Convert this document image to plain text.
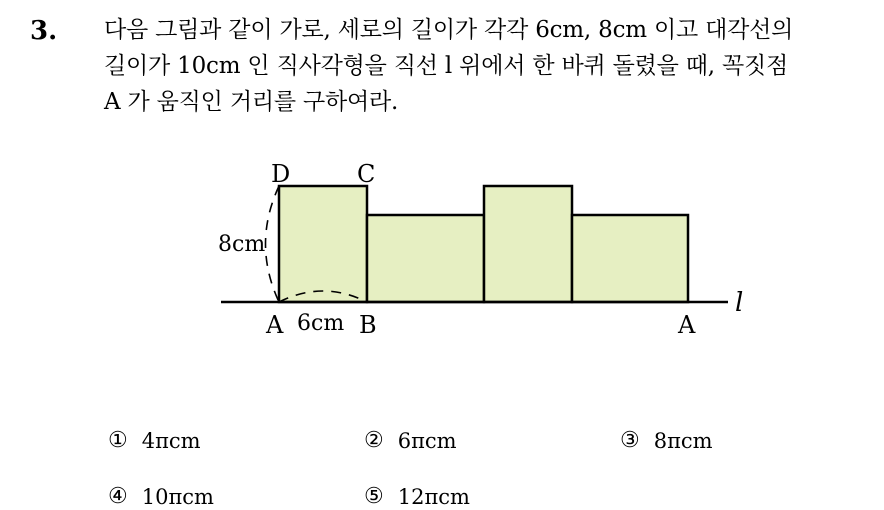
3. 다음 그림과 같이 가로, 세로의 길이가 각각 6cm, 8cm 이고 대각선의
길이가 10cm 인 직사각형을 직선 l 위에서 한 바퀴 돌렸을 때, 꼭짓점
A 가 움직인 거리를 구하여라.
D	C
8cm
A 6cm B	A
l
① 4πcm	② 6πcm	③ 8πcm
④ 10πcm	⑤ 12πcm
